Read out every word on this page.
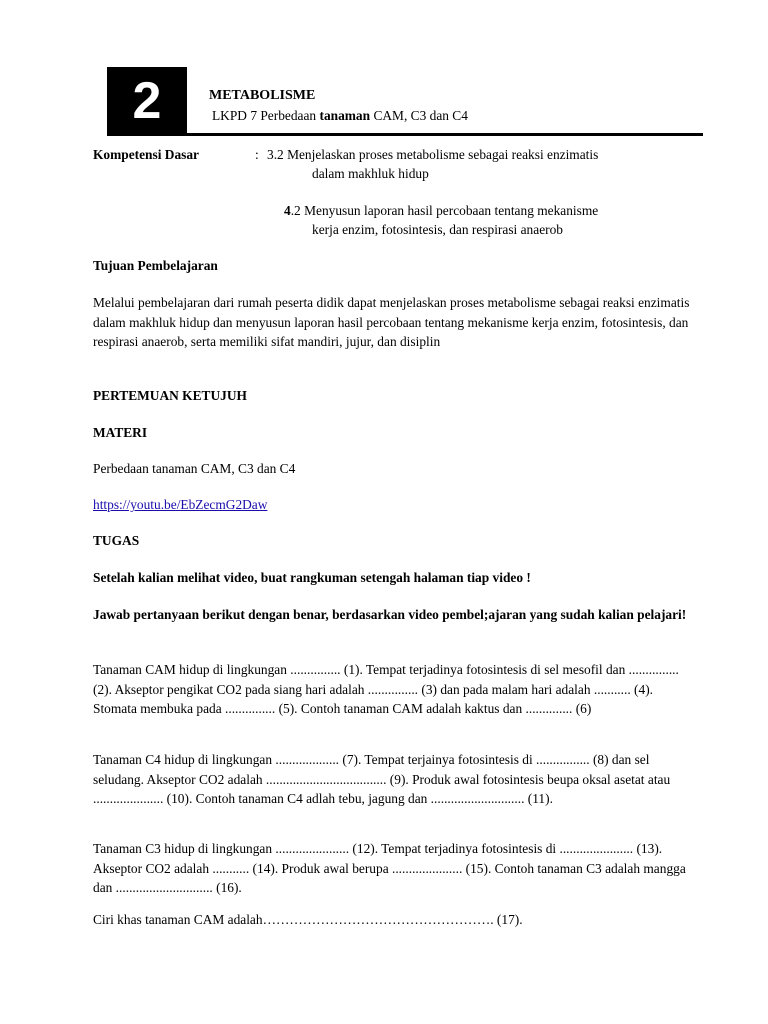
2	METABOLISME
LKPD 7 Perbedaan tanaman CAM, C3 dan C4
Kompetensi Dasar	: 3.2 Menjelaskan proses metabolisme sebagai reaksi enzimatis
dalam makhluk hidup
4.2 Menyusun laporan hasil percobaan tentang mekanisme
kerja enzim, fotosintesis, dan respirasi anaerob
Tujuan Pembelajaran
Melalui pembelajaran dari rumah peserta didik dapat menjelaskan proses metabolisme sebagai reaksi enzimatis dalam makhluk hidup dan menyusun laporan hasil percobaan tentang mekanisme kerja enzim, fotosintesis, dan respirasi anaerob, serta memiliki sifat mandiri, jujur, dan disiplin
PERTEMUAN KETUJUH
MATERI
Perbedaan tanaman CAM, C3 dan C4
https://youtu.be/EbZecmG2Daw
TUGAS
Setelah kalian melihat video, buat rangkuman setengah halaman tiap video !
Jawab pertanyaan berikut dengan benar, berdasarkan video pembel;ajaran yang sudah kalian pelajari!
Tanaman CAM hidup di lingkungan ............... (1). Tempat terjadinya fotosintesis di sel mesofil dan ............... (2). Akseptor pengikat CO2 pada siang hari adalah ............... (3) dan pada malam hari adalah ........... (4). Stomata membuka pada ............... (5). Contoh tanaman CAM adalah kaktus dan .............. (6)
Tanaman C4 hidup di lingkungan ................... (7). Tempat terjainya fotosintesis di ................ (8) dan sel seludang. Akseptor CO2 adalah .................................... (9). Produk awal fotosintesis beupa oksal asetat atau ..................... (10). Contoh tanaman C4 adlah tebu, jagung dan ............................ (11).
Tanaman C3 hidup di lingkungan ...................... (12). Tempat terjadinya fotosintesis di ...................... (13). Akseptor CO2 adalah ........... (14). Produk awal berupa ..................... (15). Contoh tanaman C3 adalah mangga dan ............................. (16).
Ciri khas tanaman CAM adalah……………………………………………. (17).
